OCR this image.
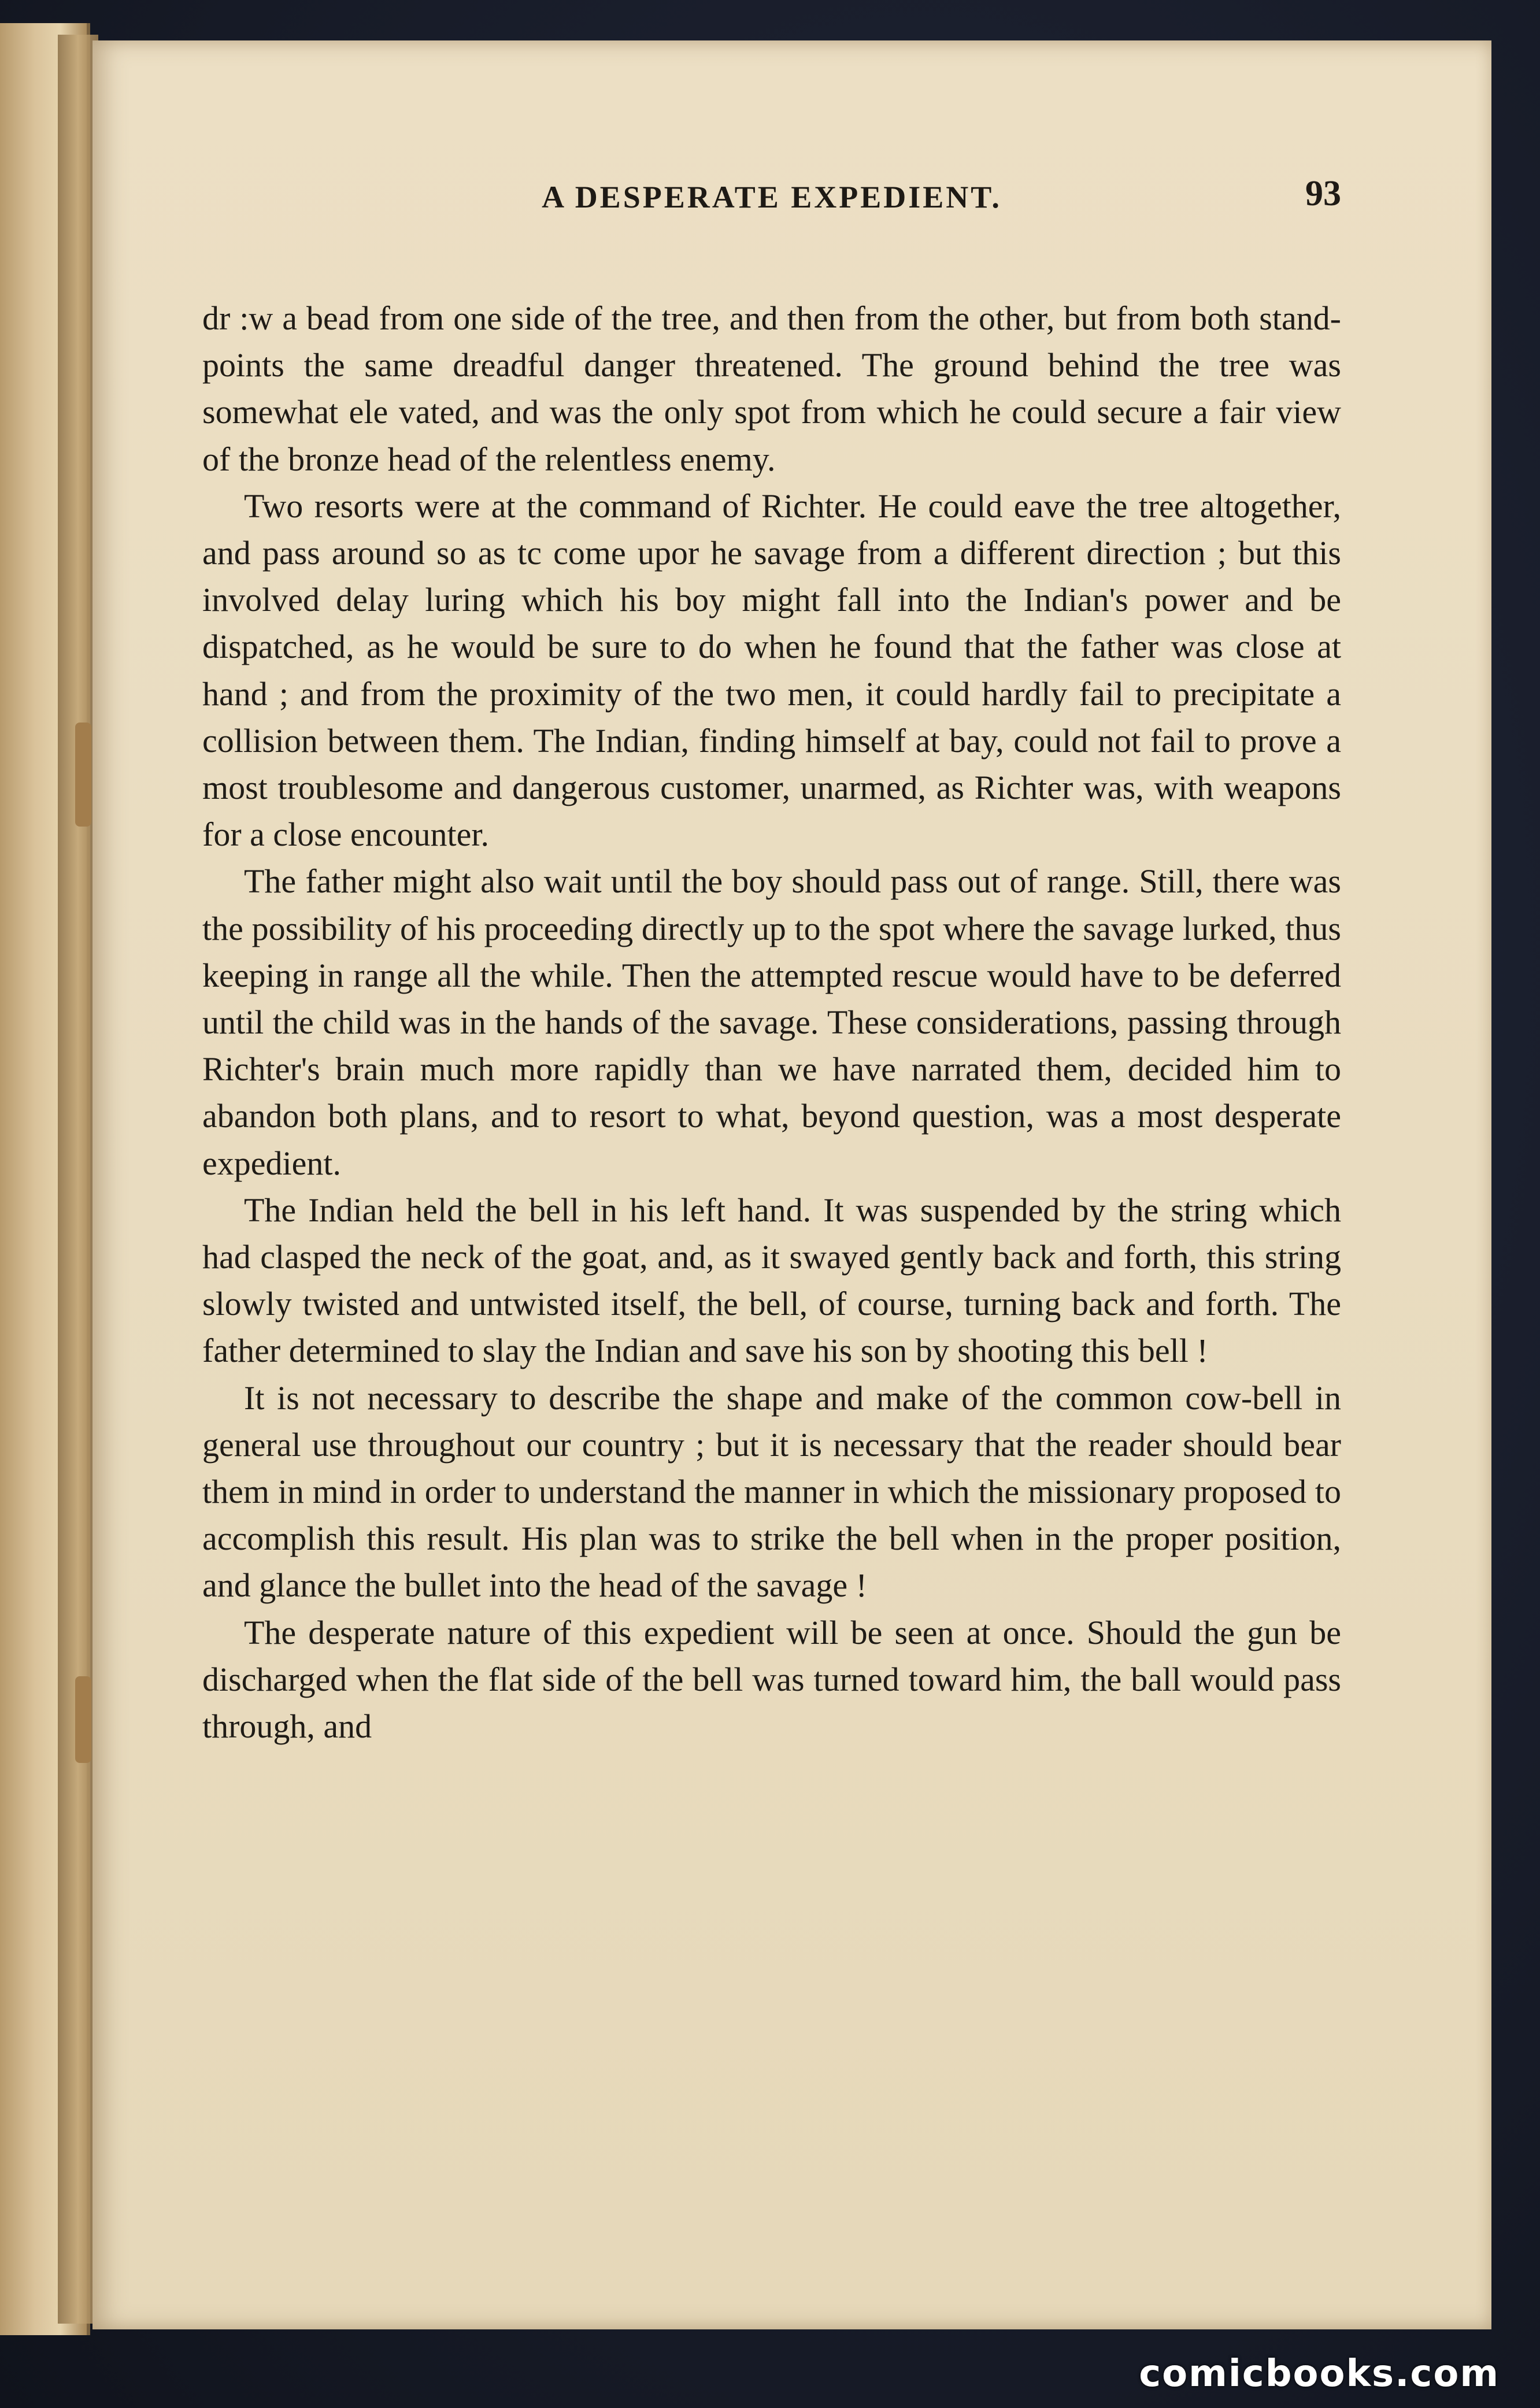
A DESPERATE EXPEDIENT.	93

dr :w a bead from one side of the tree, and then from the other, but from both stand-points the same dreadful danger threatened. The ground behind the tree was somewhat ele vated, and was the only spot from which he could secure a fair view of the bronze head of the relentless enemy.

Two resorts were at the command of Richter. He could eave the tree altogether, and pass around so as tc come upor he savage from a different direction ; but this involved delay luring which his boy might fall into the Indian's power and be dispatched, as he would be sure to do when he found that the father was close at hand ; and from the proximity of the two men, it could hardly fail to precipitate a collision between them. The Indian, finding himself at bay, could not fail to prove a most troublesome and dangerous customer, unarmed, as Richter was, with weapons for a close encounter.

The father might also wait until the boy should pass out of range. Still, there was the possibility of his proceeding directly up to the spot where the savage lurked, thus keeping in range all the while. Then the attempted rescue would have to be deferred until the child was in the hands of the savage. These considerations, passing through Richter's brain much more rapidly than we have narrated them, decided him to abandon both plans, and to resort to what, beyond question, was a most desperate expedient.

The Indian held the bell in his left hand. It was suspended by the string which had clasped the neck of the goat, and, as it swayed gently back and forth, this string slowly twisted and untwisted itself, the bell, of course, turning back and forth. The father determined to slay the Indian and save his son by shooting this bell !

It is not necessary to describe the shape and make of the common cow-bell in general use throughout our country ; but it is necessary that the reader should bear them in mind in order to understand the manner in which the missionary proposed to accomplish this result. His plan was to strike the bell when in the proper position, and glance the bullet into the head of the savage !

The desperate nature of this expedient will be seen at once. Should the gun be discharged when the flat side of the bell was turned toward him, the ball would pass through, and

comicbooks.com
